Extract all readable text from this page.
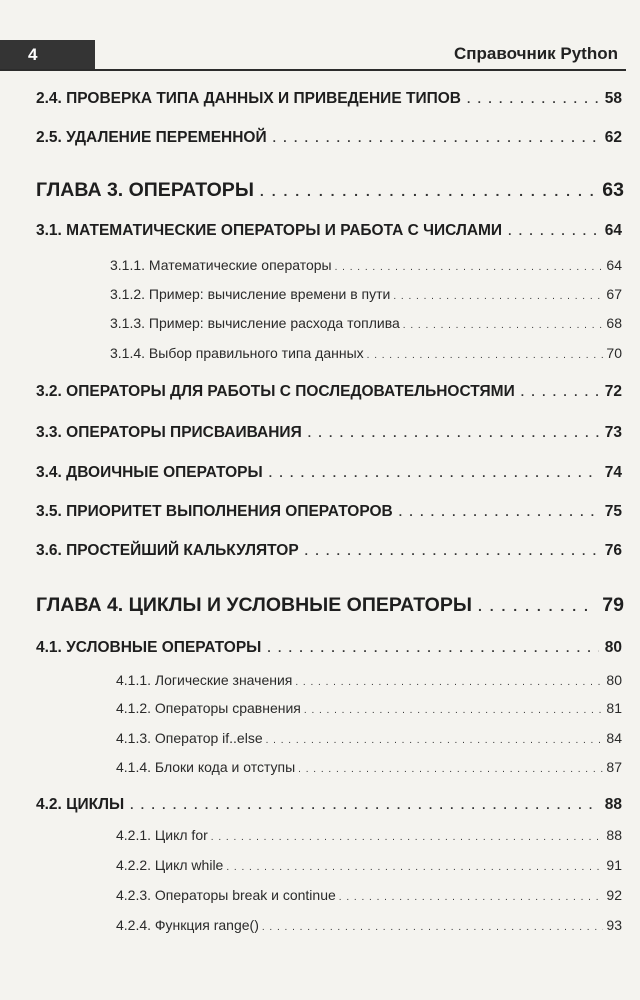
4	Справочник Python
2.4. ПРОВЕРКА ТИПА ДАННЫХ И ПРИВЕДЕНИЕ ТИПОВ . . .	58
2.5. УДАЛЕНИЕ ПЕРЕМЕННОЙ . . .	62
ГЛАВА 3. ОПЕРАТОРЫ . . .	63
3.1. МАТЕМАТИЧЕСКИЕ ОПЕРАТОРЫ И РАБОТА С ЧИСЛАМИ . . .	64
3.1.1. Математические операторы . . .	64
3.1.2. Пример: вычисление времени в пути . . .	67
3.1.3. Пример: вычисление расхода топлива . . .	68
3.1.4. Выбор правильного типа данных . . .	70
3.2. ОПЕРАТОРЫ ДЛЯ РАБОТЫ С ПОСЛЕДОВАТЕЛЬНОСТЯМИ . . .	72
3.3. ОПЕРАТОРЫ ПРИСВАИВАНИЯ . . .	73
3.4. ДВОИЧНЫЕ ОПЕРАТОРЫ . . .	74
3.5. ПРИОРИТЕТ ВЫПОЛНЕНИЯ ОПЕРАТОРОВ . . .	75
3.6. ПРОСТЕЙШИЙ КАЛЬКУЛЯТОР . . .	76
ГЛАВА 4. ЦИКЛЫ И УСЛОВНЫЕ ОПЕРАТОРЫ . . .	79
4.1. УСЛОВНЫЕ ОПЕРАТОРЫ . . .	80
4.1.1. Логические значения . . .	80
4.1.2. Операторы сравнения . . .	81
4.1.3. Оператор if..else . . .	84
4.1.4. Блоки кода и отступы . . .	87
4.2. ЦИКЛЫ . . .	88
4.2.1. Цикл for . . .	88
4.2.2. Цикл while . . .	91
4.2.3. Операторы break и continue . . .	92
4.2.4. Функция range() . . .	93
